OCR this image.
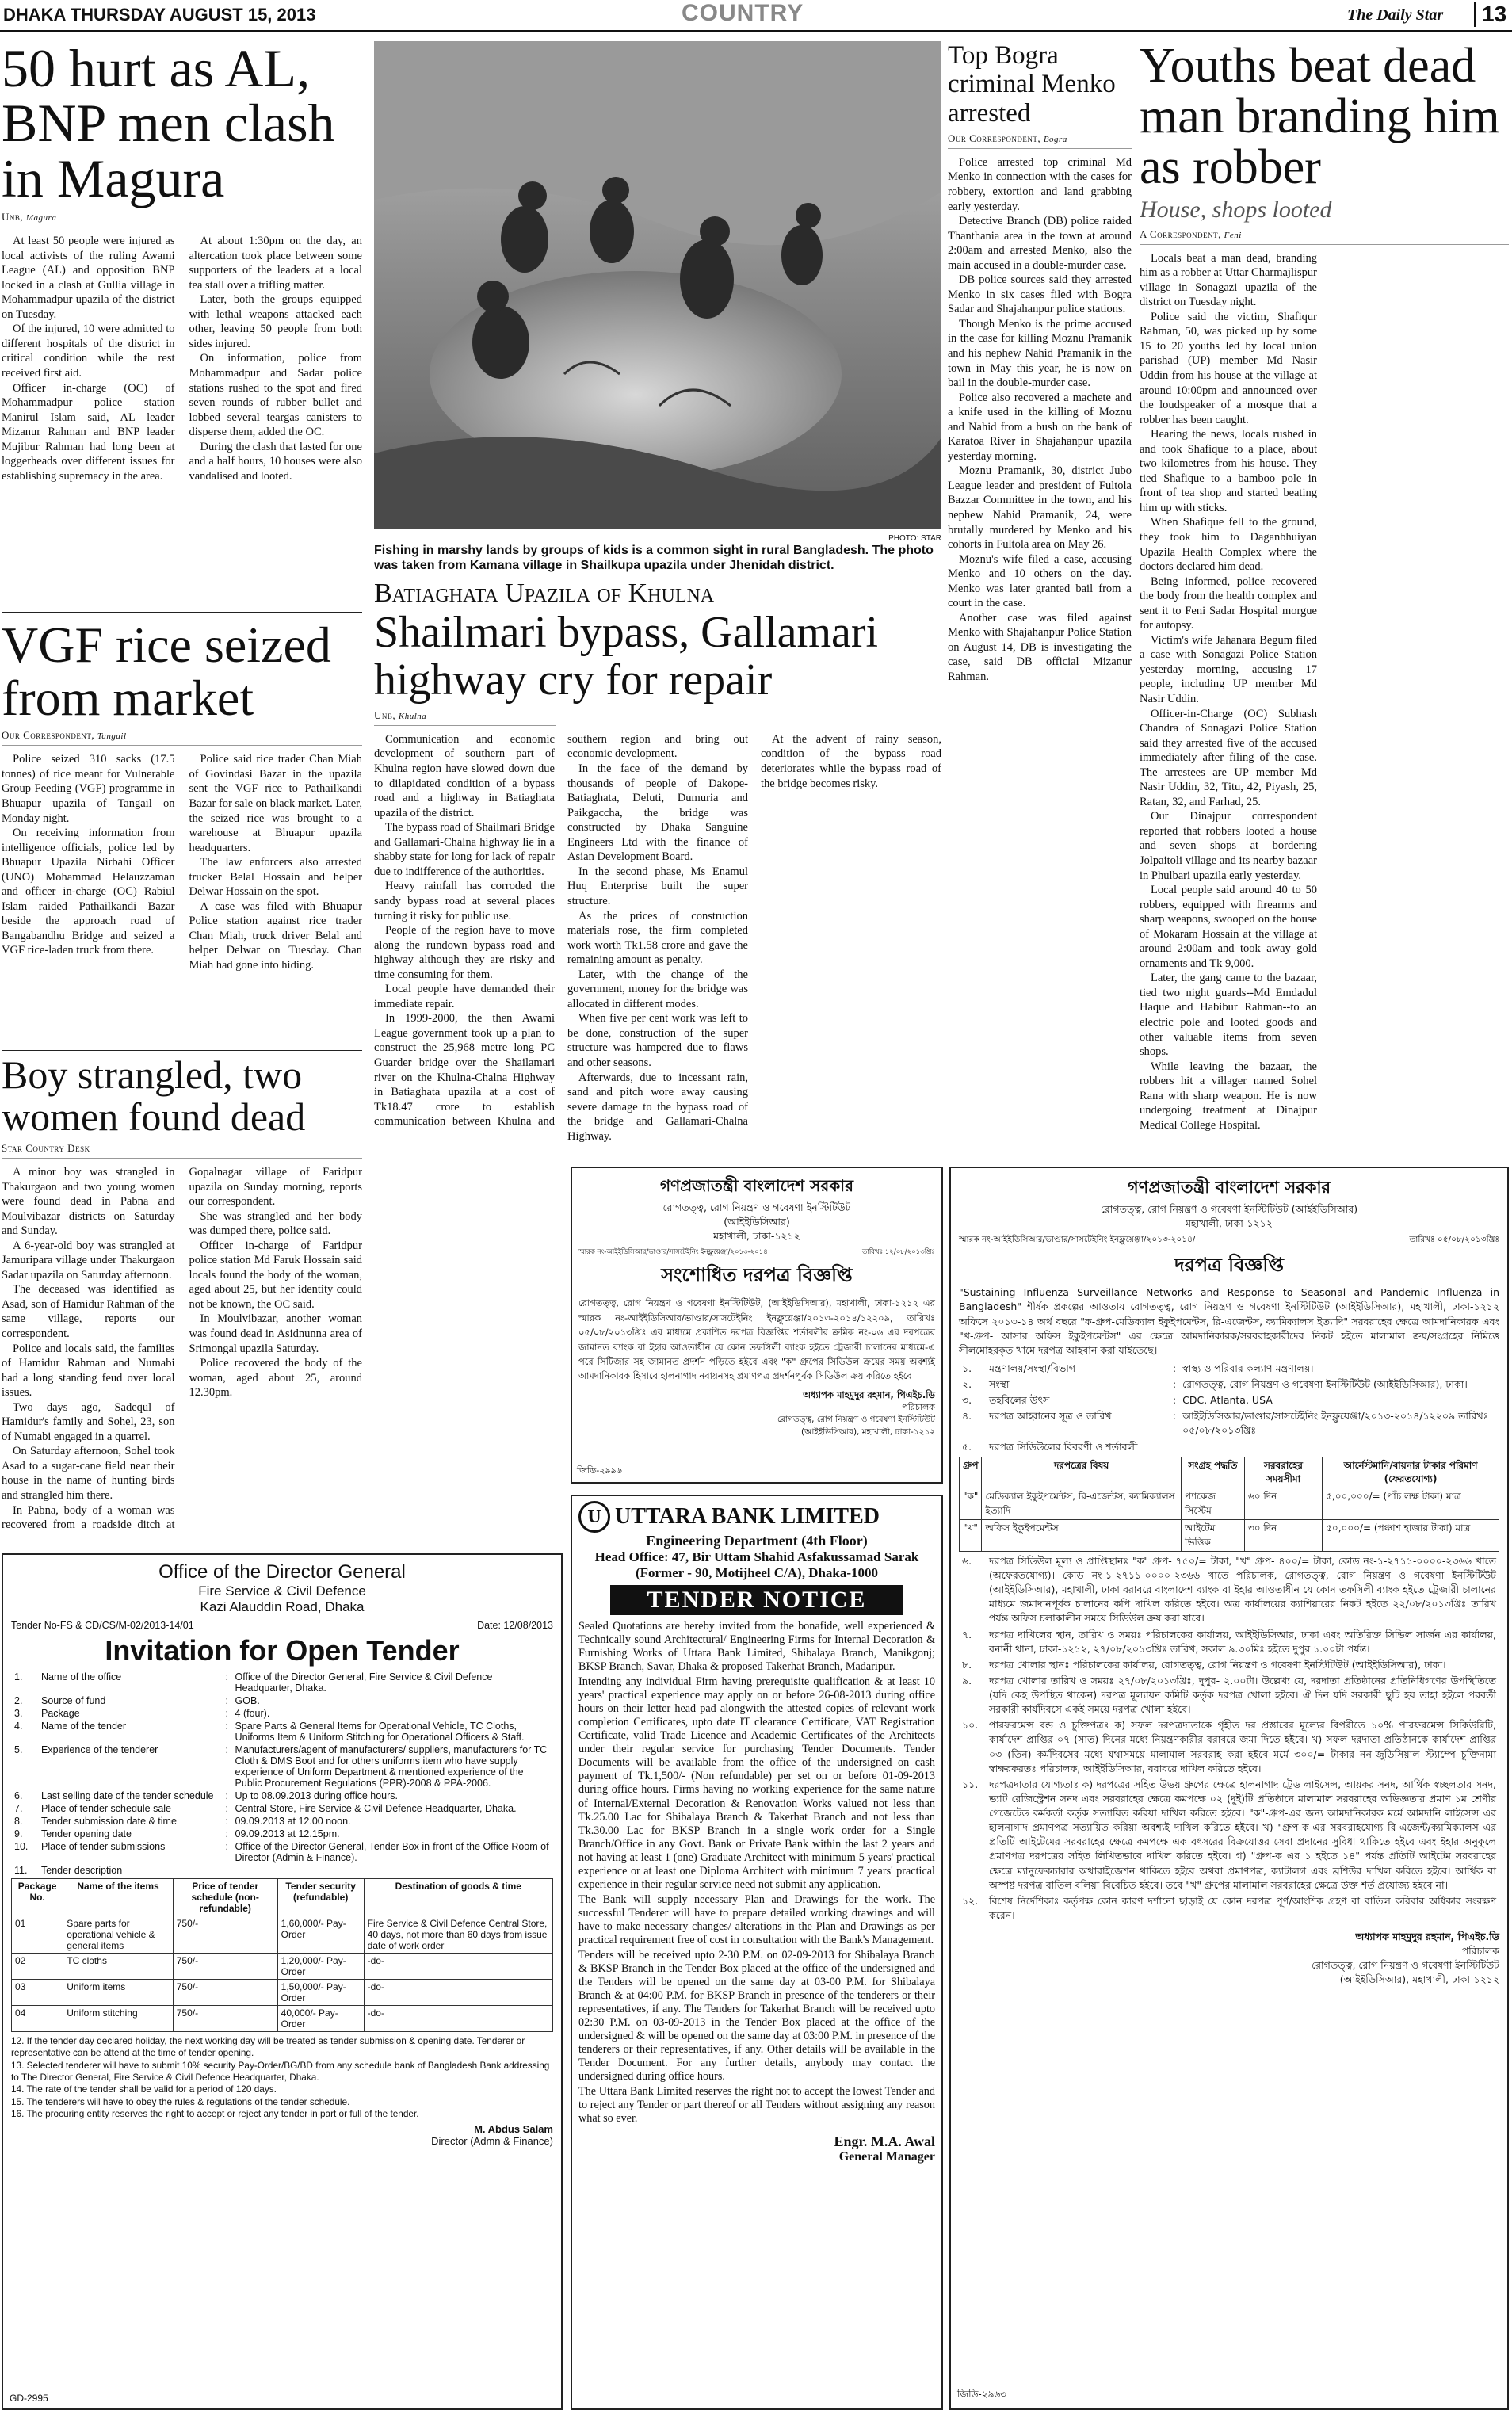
DHAKA THURSDAY AUGUST 15, 2013	COUNTRY	The Daily Star	13
50 hurt as AL, BNP men clash in Magura
Unb, Magura

At least 50 people were injured as local activists of the ruling Awami League (AL) and opposition BNP locked in a clash at Gullia village in Mohammadpur upazila of the district on Tuesday.

Of the injured, 10 were admitted to different hospitals of the district in critical condition while the rest received first aid.

Officer in-charge (OC) of Mohammadpur police station Manirul Islam said, AL leader Mizanur Rahman and BNP leader Mujibur Rahman had long been at loggerheads over different issues for establishing supremacy in the area.

At about 1:30pm on the day, an altercation took place between some supporters of the leaders at a local tea stall over a trifling matter.

Later, both the groups equipped with lethal weapons attacked each other, leaving 50 people from both sides injured.

On information, police from Mohammadpur and Sadar police stations rushed to the spot and fired seven rounds of rubber bullet and lobbed several teargas canisters to disperse them, added the OC.

During the clash that lasted for one and a half hours, 10 houses were also vandalised and looted.

PHOTO: STAR
Fishing in marshy lands by groups of kids is a common sight in rural Bangladesh. The photo was taken from Kamana village in Shailkupa upazila under Jhenidah district.
Top Bogra criminal Menko arrested
Our Correspondent, Bogra

Police arrested top criminal Md Menko in connection with the cases for robbery, extortion and land grabbing early yesterday.

Detective Branch (DB) police raided Thanthania area in the town at around 2:00am and arrested Menko, also the main accused in a double-murder case.

DB police sources said they arrested Menko in six cases filed with Bogra Sadar and Shajahanpur police stations.

Though Menko is the prime accused in the case for killing Moznu Pramanik and his nephew Nahid Pramanik in the town in May this year, he is now on bail in the double-murder case.

Police also recovered a machete and a knife used in the killing of Moznu and Nahid from a bush on the bank of Karatoa River in Shajahanpur upazila yesterday morning.

Moznu Pramanik, 30, district Jubo League leader and president of Fultola Bazzar Committee in the town, and his nephew Nahid Pramanik, 24, were brutally murdered by Menko and his cohorts in Fultola area on May 26.

Moznu's wife filed a case, accusing Menko and 10 others on the day. Menko was later granted bail from a court in the case.

Another case was filed against Menko with Shajahanpur Police Station on August 14, DB is investigating the case, said DB official Mizanur Rahman.

Youths beat dead man branding him as robber
House, shops looted
A Correspondent, Feni

Locals beat a man dead, branding him as a robber at Uttar Charmajlispur village in Sonagazi upazila of the district on Tuesday night.

Police said the victim, Shafiqur Rahman, 50, was picked up by some 15 to 20 youths led by local union parishad (UP) member Md Nasir Uddin from his house at the village at around 10:00pm and announced over the loudspeaker of a mosque that a robber has been caught.

Hearing the news, locals rushed in and took Shafique to a place, about two kilometres from his house. They tied Shafique to a bamboo pole in front of tea shop and started beating him up with sticks.

When Shafique fell to the ground, they took him to Daganbhuiyan Upazila Health Complex where the doctors declared him dead.

Being informed, police recovered the body from the health complex and sent it to Feni Sadar Hospital morgue for autopsy.

Victim's wife Jahanara Begum filed a case with Sonagazi Police Station yesterday morning, accusing 17 people, including UP member Md Nasir Uddin.

Officer-in-Charge (OC) Subhash Chandra of Sonagazi Police Station said they arrested five of the accused immediately after filing of the case. The arrestees are UP member Md Nasir Uddin, 32, Titu, 42, Piyash, 25, Ratan, 32, and Farhad, 25.

Our Dinajpur correspondent reported that robbers looted a house and seven shops at bordering Jolpaitoli village and its nearby bazaar in Phulbari upazila early yesterday.

Local people said around 40 to 50 robbers, equipped with firearms and sharp weapons, swooped on the house of Mokaram Hossain at the village at around 2:00am and took away gold ornaments and Tk 9,000.

Later, the gang came to the bazaar, tied two night guards--Md Emdadul Haque and Habibur Rahman--to an electric pole and looted goods and other valuable items from seven shops.

While leaving the bazaar, the robbers hit a villager named Sohel Rana with sharp weapon. He is now undergoing treatment at Dinajpur Medical College Hospital.

VGF rice seized from market
Our Correspondent, Tangail

Police seized 310 sacks (17.5 tonnes) of rice meant for Vulnerable Group Feeding (VGF) programme in Bhuapur upazila of Tangail on Monday night.

On receiving information from intelligence officials, police led by Bhuapur Upazila Nirbahi Officer (UNO) Mohammad Helauzzaman and officer in-charge (OC) Rabiul Islam raided Pathailkandi Bazar beside the approach road of Bangabandhu Bridge and seized a VGF rice-laden truck from there.

Police said rice trader Chan Miah of Govindasi Bazar in the upazila sent the VGF rice to Pathailkandi Bazar for sale on black market. Later, the seized rice was brought to a warehouse at Bhuapur upazila headquarters.

The law enforcers also arrested trucker Belal Hossain and helper Delwar Hossain on the spot.

A case was filed with Bhuapur Police station against rice trader Chan Miah, truck driver Belal and helper Delwar on Tuesday. Chan Miah had gone into hiding.

Batiaghata Upazila of Khulna
Shailmari bypass, Gallamari highway cry for repair
Unb, Khulna

Communication and economic development of southern part of Khulna region have slowed down due to dilapidated condition of a bypass road and a highway in Batiaghata upazila of the district.

The bypass road of Shailmari Bridge and Gallamari-Chalna highway lie in a shabby state for long for lack of repair due to indifference of the authorities.

Heavy rainfall has corroded the sandy bypass road at several places turning it risky for public use.

People of the region have to move along the rundown bypass road and highway although they are risky and time consuming for them.

Local people have demanded their immediate repair.

In 1999-2000, the then Awami League government took up a plan to construct the 25,968 metre long PC Guarder bridge over the Shailamari river on the Khulna-Chalna Highway in Batiaghata upazila at a cost of Tk18.47 crore to establish communication between Khulna and southern region and bring out economic development.

In the face of the demand by thousands of people of Dakope-Batiaghata, Deluti, Dumuria and Paikgaccha, the bridge was constructed by Dhaka Sanguine Engineers Ltd with the finance of Asian Development Board.

In the second phase, Ms Enamul Huq Enterprise built the super structure.

As the prices of construction materials rose, the firm completed work worth Tk1.58 crore and gave the remaining amount as penalty.

Later, with the change of the government, money for the bridge was allocated in different modes.

When five per cent work was left to be done, construction of the super structure was hampered due to flaws and other seasons.

Afterwards, due to incessant rain, sand and pitch wore away causing severe damage to the bypass road of the bridge and Gallamari-Chalna Highway.

At the advent of rainy season, condition of the bypass road deteriorates while the bypass road of the bridge becomes risky.

Boy strangled, two women found dead
Star Country Desk

A minor boy was strangled in Thakurgaon and two young women were found dead in Pabna and Moulvibazar districts on Saturday and Sunday.

A 6-year-old boy was strangled at Jamuripara village under Thakurgaon Sadar upazila on Saturday afternoon.

The deceased was identified as Asad, son of Hamidur Rahman of the same village, reports our correspondent.

Police and locals said, the families of Hamidur Rahman and Numabi had a long standing feud over local issues.

Two days ago, Sadequl of Hamidur's family and Sohel, 23, son of Numabi engaged in a quarrel.

On Saturday afternoon, Sohel took Asad to a sugar-cane field near their house in the name of hunting birds and strangled him there.

In Pabna, body of a woman was recovered from a roadside ditch at Gopalnagar village of Faridpur upazila on Sunday morning, reports our correspondent.

She was strangled and her body was dumped there, police said.

Officer in-charge of Faridpur police station Md Faruk Hossain said locals found the body of the woman, aged about 25, but her identity could not be known, the OC said.

In Moulvibazar, another woman was found dead in Asidnunna area of Srimongal upazila Saturday.

Police recovered the body of the woman, aged about 25, around 12.30pm.

গণপ্রজাতন্ত্রী বাংলাদেশ সরকার
রোগতত্ত্ব, রোগ নিয়ন্ত্রণ ও গবেষণা ইনস্টিটিউট
(আইইডিসিআর)
মহাখালী, ঢাকা-১২১২
স্মারক নং-আইইডিসিআর/ভাণ্ডার/সাসটেইনিং ইনফ্লুয়েঞ্জা/২০১৩-২০১৪	তারিখঃ ১২/০৮/২০১৩খ্রিঃ
সংশোধিত দরপত্র বিজ্ঞপ্তি
রোগতত্ত্ব, রোগ নিয়ন্ত্রণ ও গবেষণা ইনস্টিটিউট, (আইইডিসিআর), মহাখালী, ঢাকা-১২১২ এর স্মারক নং-আইইডিসিআর/ভাণ্ডার/সাসটেইনিং ইনফ্লুয়েঞ্জা/২০১৩-২০১৪/১২২০৯, তারিখঃ ০৫/০৮/২০১৩খ্রিঃ এর মাধ্যমে প্রকাশিত দরপত্র বিজ্ঞপ্তির শর্তাবলীর ক্রমিক নং-০৬ এর দরপত্রের জামানত ব্যাংক বা ইহার আওতাধীন যে কোন তফসিলী ব্যাংক হইতে ট্রেজারী চালানের মাধ্যমে-এ পরে সিটিজার সহ জামানত প্রদর্শন পড়িতে হইবে এবং "ক" গ্রুপের সিডিউল ক্রয়ের সময় অবশ্যই আমদানিকারক হিসাবে হালনাগাদ নবায়নসহ প্রমাণপত্র প্রদর্শনপূর্বক সিডিউল ক্রয় করিতে হইবে।
অধ্যাপক মাহমুদুর রহমান, পিএইচ.ডি
পরিচালক
রোগতত্ত্ব, রোগ নিয়ন্ত্রণ ও গবেষণা ইনস্টিটিউট
(আইইডিসিআর), মহাখালী, ঢাকা-১২১২
জিডি-২৯৯৬
U UTTARA BANK LIMITED
Engineering Department (4th Floor)
Head Office: 47, Bir Uttam Shahid Asfakussamad Sarak (Former - 90, Motijheel C/A), Dhaka-1000
TENDER NOTICE

Sealed Quotations are hereby invited from the bonafide, well experienced & Technically sound Architectural/ Engineering Firms for Internal Decoration & Furnishing Works of Uttara Bank Limited, Shibalaya Branch, Manikgonj; BKSP Branch, Savar, Dhaka & proposed Takerhat Branch, Madaripur.

Intending any individual Firm having prerequisite qualification & at least 10 years' practical experience may apply on or before 26-08-2013 during office hours on their letter head pad alongwith the attested copies of relevant work completion Certificates, upto date IT clearance Certificate, VAT Registration Certificate, valid Trade Licence and Academic Certificates of the Architects under their regular service for purchasing Tender Documents. Tender Documents will be available from the office of the undersigned on cash payment of Tk.1,500/- (Non refundable) per set on or before 01-09-2013 during office hours. Firms having no working experience for the same nature of Internal/External Decoration & Renovation Works valued not less than Tk.25.00 Lac for Shibalaya Branch & Takerhat Branch and not less than Tk.30.00 Lac for BKSP Branch in a single work order for a Single Branch/Office in any Govt. Bank or Private Bank within the last 2 years and not having at least 1 (one) Graduate Architect with minimum 5 years' practical experience or at least one Diploma Architect with minimum 7 years' practical experience in their regular service need not submit any application.

The Bank will supply necessary Plan and Drawings for the work. The successful Tenderer will have to prepare detailed working drawings and will have to make necessary changes/ alterations in the Plan and Drawings as per practical requirement free of cost in consultation with the Bank's Management.

Tenders will be received upto 2-30 P.M. on 02-09-2013 for Shibalaya Branch & BKSP Branch in the Tender Box placed at the office of the undersigned and the Tenders will be opened on the same day at 03-00 P.M. for Shibalaya Branch & at 04:00 P.M. for BKSP Branch in presence of the tenderers or their representatives, if any. The Tenders for Takerhat Branch will be received upto 02:30 P.M. on 03-09-2013 in the Tender Box placed at the office of the undersigned & will be opened on the same day at 03:00 P.M. in presence of the tenderers or their representatives, if any. Other details will be available in the Tender Document. For any further details, anybody may contact the undersigned during office hours.

The Uttara Bank Limited reserves the right not to accept the lowest Tender and to reject any Tender or part thereof or all Tenders without assigning any reason what so ever.

Engr. M.A. Awal
General Manager
Office of the Director General
Fire Service & Civil Defence
Kazi Alauddin Road, Dhaka
Tender No-FS & CD/CS/M-02/2013-14/01	Date: 12/08/2013
Invitation for Open Tender
1.	Name of the office	:	Office of the Director General, Fire Service & Civil Defence Headquarter, Dhaka.
2.	Source of fund	:	GOB.
3.	Package	:	4 (four).
4.	Name of the tender	:	Spare Parts & General Items for Operational Vehicle, TC Cloths, Uniforms Item & Uniform Stitching for Operational Officers & Staff.
5.	Experience of the tenderer	:	Manufacturers/agent of manufacturers/ suppliers, manufacturers for TC Cloth & DMS Boot and for others uniforms item who have supply experience of Uniform Department & mentioned experience of the Public Procurement Regulations (PPR)-2008 & PPA-2006.
6.	Last selling date of the tender schedule	:	Up to 08.09.2013 during office hours.
7.	Place of tender schedule sale	:	Central Store, Fire Service & Civil Defence Headquarter, Dhaka.
8.	Tender submission date & time	:	09.09.2013 at 12.00 noon.
9.	Tender opening date	:	09.09.2013 at 12.15pm.
10.	Place of tender submissions	:	Office of the Director General, Tender Box in-front of the Office Room of Director (Admin & Finance).
11.	Tender description		
Package No.	Name of the items	Price of tender schedule (non-refundable)	Tender security (refundable)	Destination of goods & time
01	Spare parts for operational vehicle & general items	750/-	1,60,000/- Pay-Order	Fire Service & Civil Defence Central Store, 40 days, not more than 60 days from issue date of work order
02	TC cloths	750/-	1,20,000/- Pay-Order	-do-
03	Uniform items	750/-	1,50,000/- Pay-Order	-do-
04	Uniform stitching	750/-	40,000/- Pay-Order	-do-
12. If the tender day declared holiday, the next working day will be treated as tender submission & opening date. Tenderer or representative can be attend at the time of tender opening.
13. Selected tenderer will have to submit 10% security Pay-Order/BG/BD from any schedule bank of Bangladesh Bank addressing to The Director General, Fire Service & Civil Defence Headquarter, Dhaka.
14. The rate of the tender shall be valid for a period of 120 days.
15. The tenderers will have to obey the rules & regulations of the tender schedule.
16. The procuring entity reserves the right to accept or reject any tender in part or full of the tender.
M. Abdus Salam
Director (Admn & Finance)
GD-2995
গণপ্রজাতন্ত্রী বাংলাদেশ সরকার
রোগতত্ত্ব, রোগ নিয়ন্ত্রণ ও গবেষণা ইনস্টিটিউট (আইইডিসিআর)
মহাখালী, ঢাকা-১২১২
স্মারক নং-আইইডিসিআর/ভাণ্ডার/সাসটেইনিং ইনফ্লুয়েঞ্জা/২০১৩-২০১৪/	তারিখঃ ০৫/০৮/২০১৩খ্রিঃ
দরপত্র বিজ্ঞপ্তি
"Sustaining Influenza Surveillance Networks and Response to Seasonal and Pandemic Influenza in Bangladesh" শীর্ষক প্রকল্পের আওতায় রোগতত্ত্ব, রোগ নিয়ন্ত্রণ ও গবেষণা ইনস্টিটিউট (আইইডিসিআর), মহাখালী, ঢাকা-১২১২ অফিসে ২০১৩-১৪ অর্থ বছরে "ক-গ্রুপ-মেডিক্যাল ইকুইপমেন্টস, রি-এজেন্টস, ক্যামিক্যালস ইত্যাদি" সরবরাহের ক্ষেত্রে আমদানিকারক এবং "খ-গ্রুপ- আসার অফিস ইকুইপমেন্টস" এর ক্ষেত্রে আমদানিকারক/সরবরাহকারীদের নিকট হইতে মালামাল ক্রয়/সংগ্রহের নিমিত্তে সীলমোহরকৃত খামে দরপত্র আহবান করা যাইতেছে।
১.	মন্ত্রণালয়/সংস্থা/বিভাগ	:	স্বাস্থ্য ও পরিবার কল্যাণ মন্ত্রণালয়।
২.	সংস্থা	:	রোগতত্ত্ব, রোগ নিয়ন্ত্রণ ও গবেষণা ইনস্টিটিউট (আইইডিসিআর), ঢাকা।
৩.	তহবিলের উৎস	:	CDC, Atlanta, USA
৪.	দরপত্র আহ্বানের সূত্র ও তারিখ	:	আইইডিসিআর/ভাণ্ডার/সাসটেইনিং ইনফ্লুয়েঞ্জা/২০১৩-২০১৪/১২২০৯ তারিখঃ ০৫/০৮/২০১৩খ্রিঃ
৫.	দরপত্র সিডিউলের বিবরণী ও শর্তাবলী		
গ্রুপ	দরপত্রের বিষয়	সংগ্রহ পদ্ধতি	সরবরাহের সময়সীমা	আর্নেস্টমানি/বায়নার টাকার পরিমাণ (ফেরতযোগ্য)
"ক"	মেডিক্যাল ইকুইপমেন্টস, রি-এজেন্টস, ক্যামিক্যালস ইত্যাদি	প্যাকেজ সিস্টেম	৬০ দিন	৫,০০,০০০/= (পাঁচ লক্ষ টাকা) মাত্র
"খ"	অফিস ইকুইপমেন্টস	আইটেম ভিত্তিক	৩০ দিন	৫০,০০০/= (পঞ্চাশ হাজার টাকা) মাত্র
৬.	দরপত্র সিডিউল মূল্য ও প্রাপ্তিস্থানঃ "ক" গ্রুপ- ৭৫০/= টাকা, "খ" গ্রুপ- ৪০০/= টাকা, কোড নং-১-২৭১১-০০০০-২৩৬৬ খাতে (অফেরতযোগ্য)। কোড নং-১-২৭১১-০০০০-২৩৬৬ খাতে পরিচালক, রোগতত্ত্ব, রোগ নিয়ন্ত্রণ ও গবেষণা ইনস্টিটিউট (আইইডিসিআর), মহাখালী, ঢাকা বরাবরে বাংলাদেশ ব্যাংক বা ইহার আওতাধীন যে কোন তফসিলী ব্যাংক হইতে ট্রেজারী চালানের মাধ্যমে জমাদানপূর্বক চালানের কপি দাখিল করিতে হইবে। অত্র কার্যালয়ের ক্যাশিয়ারের নিকট হইতে ২২/০৮/২০১৩খ্রিঃ তারিখ পর্যন্ত অফিস চলাকালীন সময়ে সিডিউল ক্রয় করা যাবে।
৭.	দরপত্র দাখিলের স্থান, তারিখ ও সময়ঃ পরিচালকের কার্যালয়, আইইডিসিআর, ঢাকা এবং অতিরিক্ত সিভিল সার্জন এর কার্যালয়, বনানী থানা, ঢাকা-১২১২, ২৭/০৮/২০১৩খ্রিঃ তারিখ, সকাল ৯.৩০মিঃ হইতে দুপুর ১.০০টা পর্যন্ত।
৮.	দরপত্র খোলার স্থানঃ পরিচালকের কার্যালয়, রোগতত্ত্ব, রোগ নিয়ন্ত্রণ ও গবেষণা ইনস্টিটিউট (আইইডিসিআর), ঢাকা।
৯.	দরপত্র খোলার তারিখ ও সময়ঃ ২৭/০৮/২০১৩খ্রিঃ, দুপুর- ২.০০টা। উল্লেখ্য যে, দরদাতা প্রতিষ্ঠানের প্রতিনিধিগণের উপস্থিতিতে (যদি কেহ উপস্থিত থাকেন) দরপত্র মূল্যায়ন কমিটি কর্তৃক দরপত্র খোলা হইবে। ঐ দিন যদি সরকারী ছুটি হয় তাহা হইলে পরবর্তী সরকারী কার্যদিবসে একই সময়ে দরপত্র খোলা হইবে।
১০.	পারফরমেন্স বন্ড ও চুক্তিপত্রঃ ক) সফল দরপত্রদাতাকে গৃহীত দর প্রস্তাবের মূল্যের বিপরীতে ১০% পারফরমেন্স সিকিউরিটি, কার্যাদেশ প্রাপ্তির ০৭ (সাত) দিনের মধ্যে নিয়ন্ত্রণকারীর বরাবরে জমা দিতে হইবে। খ) সফল দরদাতা প্রতিষ্ঠানকে কার্যাদেশ প্রাপ্তির ০৩ (তিন) কর্মদিবসের মধ্যে যথাসময়ে মালামাল সরবরাহ করা হইবে মর্মে ৩০০/= টাকার নন-জুডিসিয়াল স্ট্যাম্পে চুক্তিনামা স্বাক্ষরকরতঃ পরিচালক, আইইডিসিআর, বরাবরে দাখিল করিতে হইবে।
১১.	দরপত্রদাতার যোগ্যতাঃ ক) দরপত্রের সহিত উভয় গ্রুপের ক্ষেত্রে হালনাগাদ ট্রেড লাইসেন্স, আয়কর সনদ, আর্থিক স্বচ্ছলতার সনদ, ভ্যাট রেজিস্ট্রেশন সনদ এবং সরবরাহের ক্ষেত্রে কমপক্ষে ০২ (দুই)টি প্রতিষ্ঠানে মালামাল সরবরাহের অভিজ্ঞতার প্রমাণ ১ম শ্রেণীর গেজেটেড কর্মকর্তা কর্তৃক সত্যায়িত করিয়া দাখিল করিতে হইবে। "ক"-গ্রুপ-এর জন্য আমদানিকারক মর্মে আমদানি লাইসেন্স এর হালনাগাদ প্রমাণপত্র সত্যায়িত করিয়া অবশ্যই দাখিল করিতে হইবে। খ) "গ্রুপ-ক-এর সরবরাহযোগ্য রি-এজেন্ট/ক্যামিক্যালস এর প্রতিটি আইটেমের সরবরাহের ক্ষেত্রে কমপক্ষে এক বৎসরের বিক্রয়োত্তর সেবা প্রদানের সুবিধা থাকিতে হইবে এবং ইহার অনুকূলে প্রমাণপত্র দরপত্রের সহিত লিখিতভাবে দাখিল করিতে হইবে। গ) "গ্রুপ-ক এর ১ হইতে ১৪" পর্যন্ত প্রতিটি আইটেম সরবরাহের ক্ষেত্রে ম্যানুফেকচারার অথারাইজেশন থাকিতে হইবে অথবা প্রমাণপত্র, ক্যাটালগ এবং ব্রশিউর দাখিল করিতে হইবে। আর্থিক বা অস্পষ্ট দরপত্র বাতিল বলিয়া বিবেচিত হইবে। তবে "খ" গ্রুপের মালামাল সরবরাহের ক্ষেত্রে উক্ত শর্ত প্রযোজ্য হইবে না।
১২.	বিশেষ নির্দেশিকাঃ কর্তৃপক্ষ কোন কারণ দর্শানো ছাড়াই যে কোন দরপত্র পূর্ণ/আংশিক গ্রহণ বা বাতিল করিবার অধিকার সংরক্ষণ করেন।
অধ্যাপক মাহমুদুর রহমান, পিএইচ.ডি
পরিচালক
রোগতত্ত্ব, রোগ নিয়ন্ত্রণ ও গবেষণা ইনস্টিটিউট
(আইইডিসিআর), মহাখালী, ঢাকা-১২১২
জিডি-২৯৬৩
